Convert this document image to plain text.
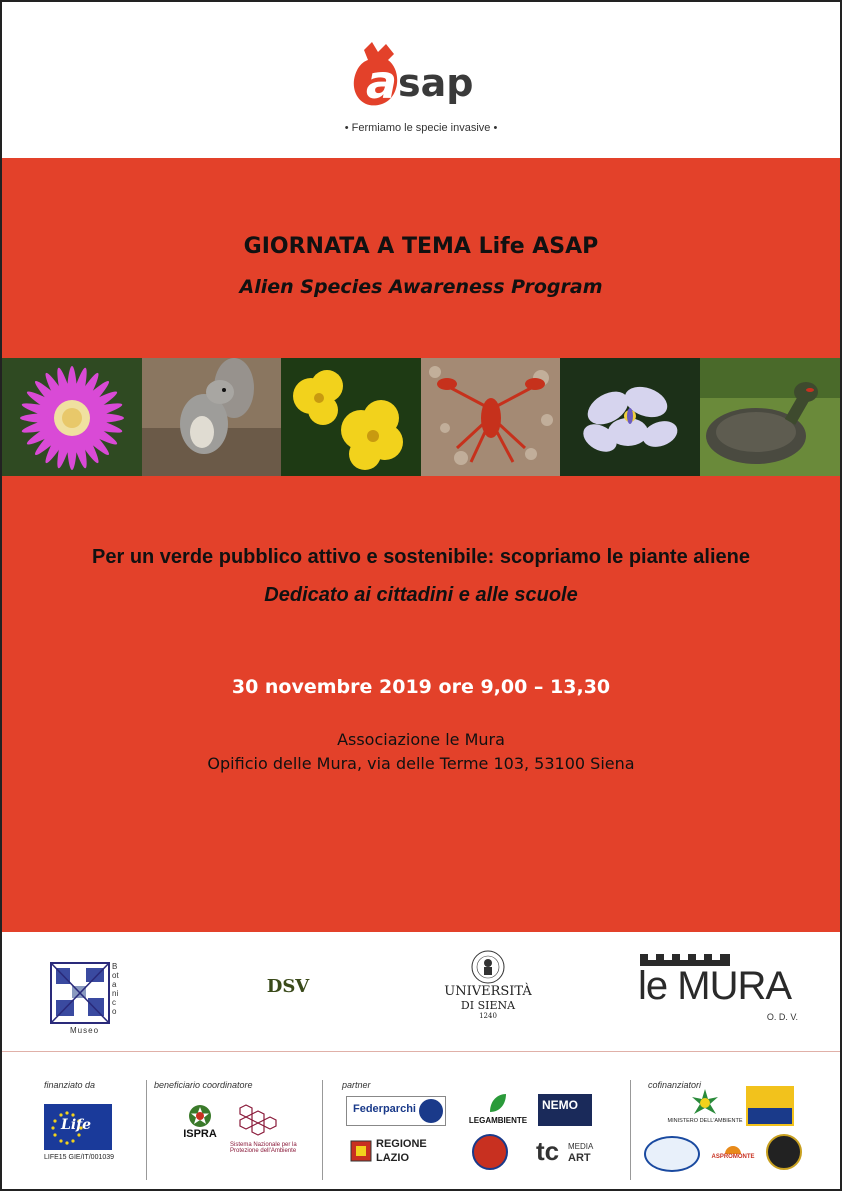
a sap
• Fermiamo le specie invasive •
GIORNATA A TEMA Life ASAP
Alien Species Awareness Program
Per un verde pubblico attivo e sostenibile: scopriamo le piante aliene
Dedicato ai cittadini e alle scuole
30 novembre 2019 ore 9,00 – 13,30
Associazione le Mura
Opificio delle Mura, via delle Terme 103, 53100 Siena
Botanico
Museo
DSV	UNIVERSITÀ
DI SIENA
1240
le MURA
O. D. V.
finanziato da	beneficiario coordinatore	partner	cofinanziatori
Life
LIFE15 GIE/IT/001039
ISPRA
Sistema Nazionale per la Protezione dell'Ambiente
Federparchi
REGIONE
LAZIO
LEGAMBIENTE
NEMO
tc MEDIA
ART
MINISTERO DELL'AMBIENTE
ASPROMONTE
